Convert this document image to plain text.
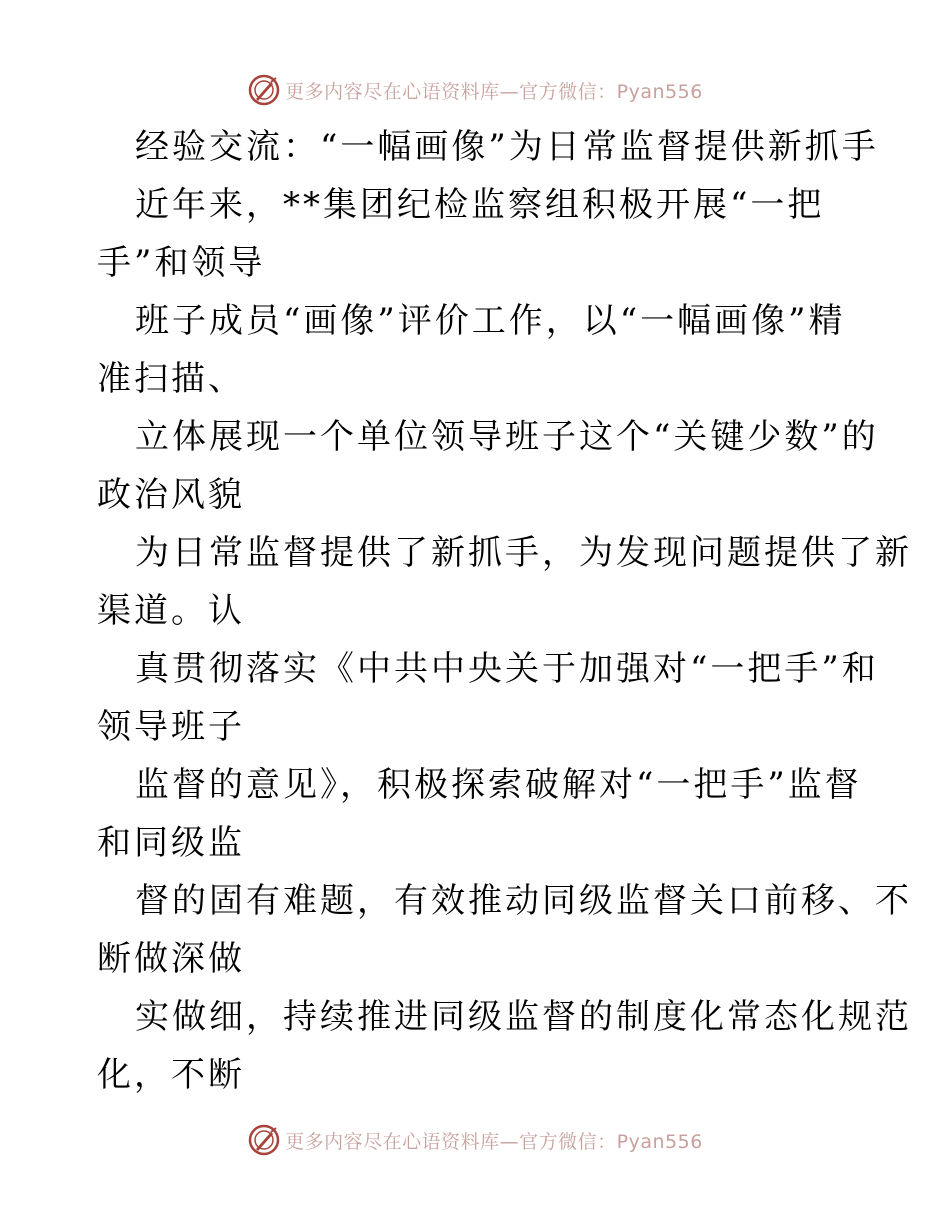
更多内容尽在心语资料库—官方微信：Pyan556
经验交流：“一幅画像”为日常监督提供新抓手
近年来，**集团纪检监察组积极开展“一把
手”和领导
班子成员“画像”评价工作，以“一幅画像”精
准扫描、
立体展现一个单位领导班子这个“关键少数”的
政治风貌
为日常监督提供了新抓手，为发现问题提供了新
渠道。认
真贯彻落实《中共中央关于加强对“一把手”和
领导班子
监督的意见》，积极探索破解对“一把手”监督
和同级监
督的固有难题，有效推动同级监督关口前移、不
断做深做
实做细，持续推进同级监督的制度化常态化规范
化，不断
更多内容尽在心语资料库—官方微信：Pyan556
